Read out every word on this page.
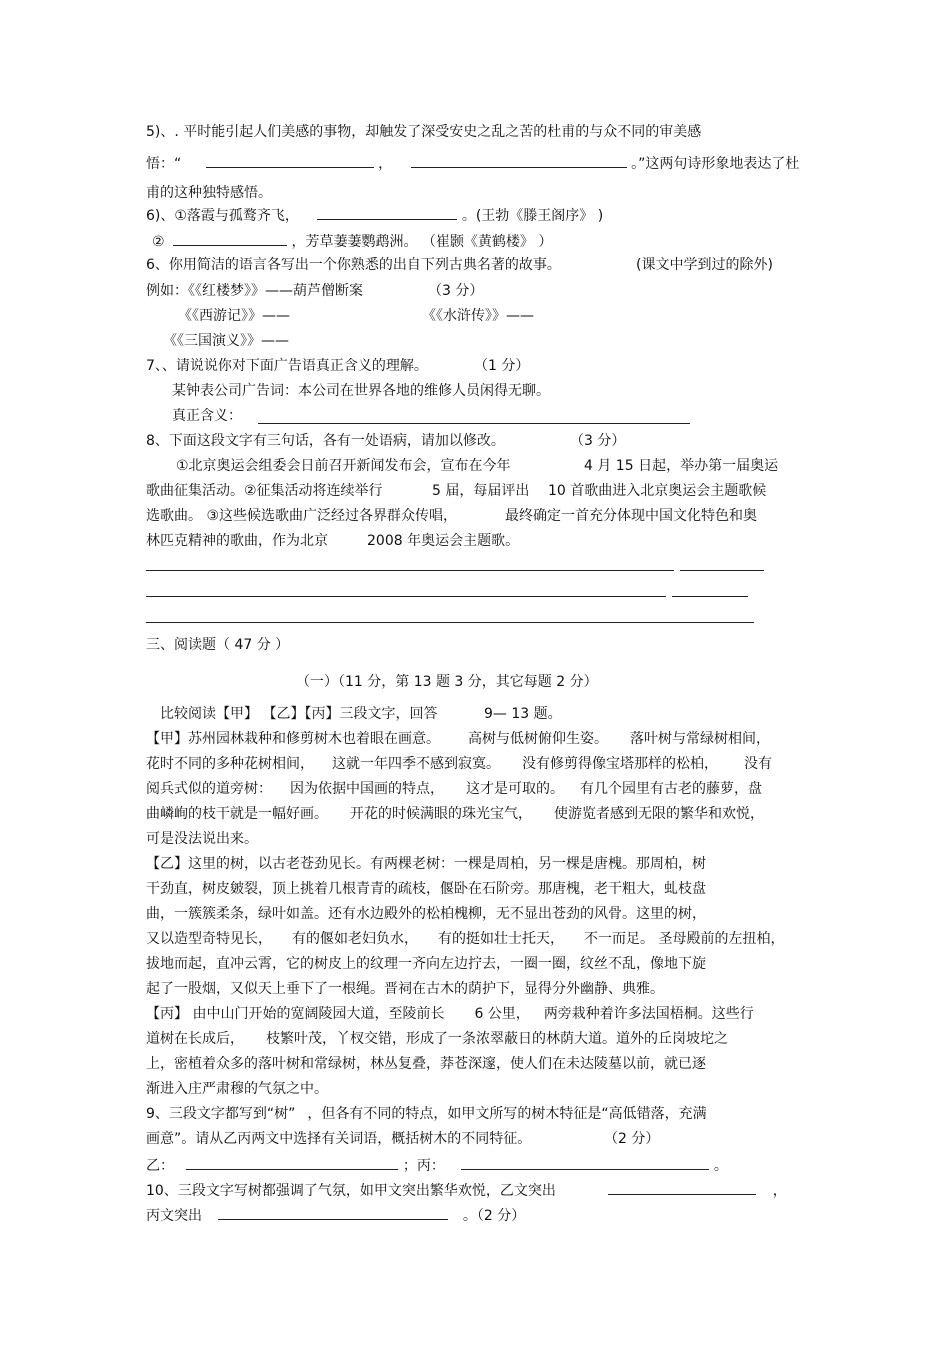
5)、. 平时能引起人们美感的事物，却触发了深受安史之乱之苦的杜甫的与众不同的审美感
悟：“	，	。”这两句诗形象地表达了杜
甫的这种独特感悟。
6)、①落霞与孤鹜齐飞，	。(王勃《滕王阁序》 )
②	，芳草萋萋鹦鹉洲。 （崔颢《黄鹤楼》 ）
6、你用简洁的语言各写出一个你熟悉的出自下列古典名著的故事。	(课文中学到过的除外)
例如：《《红楼梦》》——葫芦僧断案	（3 分）
《《西游记》》——	《《水浒传》》——
《《三国演义》》——
7、、请说说你对下面广告语真正含义的理解。	（1 分）
某钟表公司广告词：本公司在世界各地的维修人员闲得无聊。
真正含义：
8、下面这段文字有三句话，各有一处语病，请加以修改。	（3 分）
①北京奥运会组委会日前召开新闻发布会，宣布在今年	4 月 15 日起，举办第一届奥运
歌曲征集活动。②征集活动将连续举行	5 届，每届评出 10 首歌曲进入北京奥运会主题歌候
选歌曲。 ③这些候选歌曲广泛经过各界群众传唱，	最终确定一首充分体现中国文化特色和奥
林匹克精神的歌曲，作为北京	2008 年奥运会主题歌。
三、阅读题（ 47 分 ）
（一）（11 分，第 13 题 3 分，其它每题 2 分）
比较阅读【甲】 【乙】【丙】三段文字，回答	9— 13 题。
【甲】苏州园林栽种和修剪树木也着眼在画意。 高树与低树俯仰生姿。 落叶树与常绿树相间，
花时不同的多种花树相间， 这就一年四季不感到寂寞。 没有修剪得像宝塔那样的松柏， 没有
阅兵式似的道旁树： 因为依据中国画的特点， 这才是可取的。 有几个园里有古老的藤萝，盘
曲嶙峋的枝干就是一幅好画。 开花的时候满眼的珠光宝气， 使游览者感到无限的繁华和欢悦，
可是没法说出来。
【乙】这里的树，以古老苍劲见长。有两棵老树：一棵是周柏，另一棵是唐槐。那周柏，树
干劲直，树皮皴裂，顶上挑着几根青青的疏枝，偃卧在石阶旁。那唐槐，老干粗大，虬枝盘
曲，一簇簇柔条，绿叶如盖。还有水边殿外的松柏槐柳，无不显出苍劲的风骨。这里的树，
又以造型奇特见长， 有的偃如老妇负水， 有的挺如壮士托天， 不一而足。 圣母殿前的左扭柏，
拔地而起，直冲云霄，它的树皮上的纹理一齐向左边拧去，一圈一圈，纹丝不乱，像地下旋
起了一股烟，又似天上垂下了一根绳。晋祠在古木的荫护下，显得分外幽静、典雅。
【丙】 由中山门开始的宽阔陵园大道，至陵前长 6 公里， 两旁栽种着许多法国梧桐。这些行
道树在长成后， 枝繁叶茂，丫杈交错，形成了一条浓翠蔽日的林荫大道。道外的丘岗坡坨之
上，密植着众多的落叶树和常绿树，林丛复叠，莽苍深邃，使人们在未达陵墓以前，就已逐
渐进入庄严肃穆的气氛之中。
9、三段文字都写到“树” ，但各有不同的特点，如甲文所写的树木特征是“高低错落，充满
画意”。请从乙丙两文中选择有关词语，概括树木的不同特征。	（2 分）
乙：	；丙：	。
10、三段文字写树都强调了气氛，如甲文突出繁华欢悦，乙文突出	，
丙文突出	。（2 分）
